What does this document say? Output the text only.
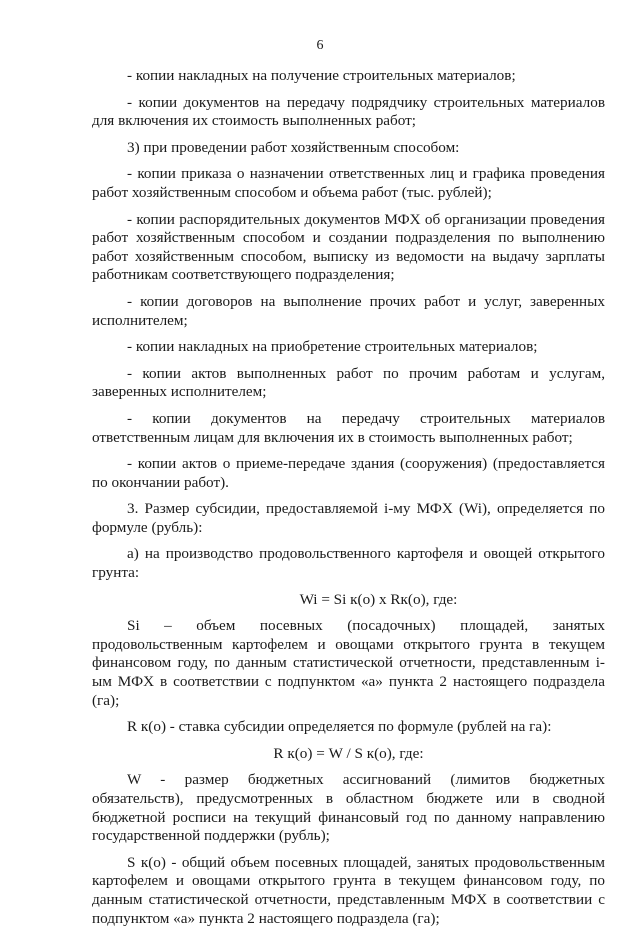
6

- копии накладных на получение строительных материалов;

- копии документов на передачу подрядчику строительных материалов для включения их стоимость выполненных работ;

3) при проведении работ хозяйственным способом:

- копии приказа о назначении ответственных лиц и графика проведения работ хозяйственным способом и объема работ (тыс. рублей);

- копии распорядительных документов МФХ об организации проведения работ хозяйственным способом и создании подразделения по выполнению работ хозяйственным способом, выписку из ведомости на выдачу зарплаты работникам соответствующего подразделения;

- копии договоров на выполнение прочих работ и услуг, заверенных исполнителем;

- копии накладных на приобретение строительных материалов;

- копии актов выполненных работ по прочим работам и услугам, заверенных исполнителем;

- копии документов на передачу строительных материалов ответственным лицам для включения их в стоимость выполненных работ;

- копии актов о приеме-передаче здания (сооружения) (предоставляется по окончании работ).

3. Размер субсидии, предоставляемой i-му МФХ (Wi), определяется по формуле (рубль):

а) на производство продовольственного картофеля и овощей открытого грунта:

Wi = Si к(о) x Rк(о), где:

Si – объем посевных (посадочных) площадей, занятых продовольственным картофелем и овощами открытого грунта в текущем финансовом году, по данным статистической отчетности, представленным i-ым МФХ в соответствии с подпунктом «а» пункта 2 настоящего подраздела (га);

R к(о) - ставка субсидии определяется по формуле (рублей на га):

R к(о) = W / S к(о), где:

W - размер бюджетных ассигнований (лимитов бюджетных обязательств), предусмотренных в областном бюджете или в сводной бюджетной росписи на текущий финансовый год по данному направлению государственной поддержки (рубль);

S к(о) - общий объем посевных площадей, занятых продовольственным картофелем и овощами открытого грунта в текущем финансовом году, по данным статистической отчетности, представленным МФХ в соответствии с подпунктом «а» пункта 2 настоящего подраздела (га);
